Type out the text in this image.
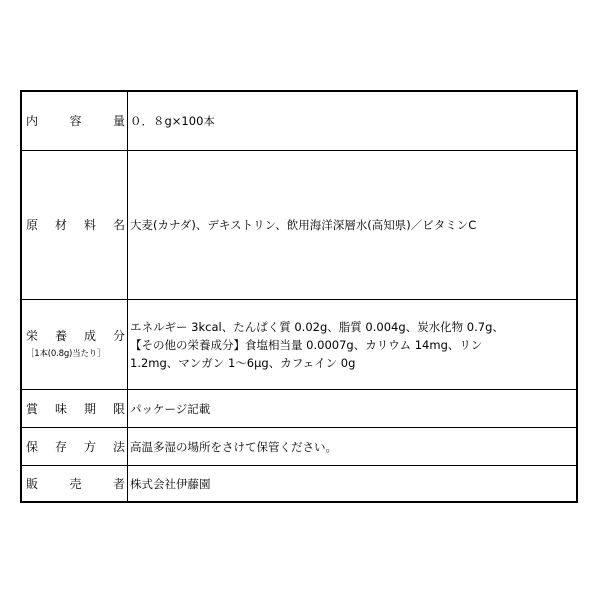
内	容	量 ０．８g×100本
原 材 料 名 大麦(カナダ)、デキストリン、飲用海洋深層水(高知県)／ビタミンC
栄 養 成 分
［1本(0.8g)当たり］
エネルギー 3kcal、たんぱく質 0.02g、脂質 0.004g、炭水化物 0.7g、
【その他の栄養成分】食塩相当量 0.0007g、カリウム 14mg、リン
1.2mg、マンガン 1～6μg、カフェイン 0g
賞 味 期 限 パッケージ記載
保 存 方 法 高温多湿の場所をさけて保管ください。
販	売	者 株式会社伊藤園
